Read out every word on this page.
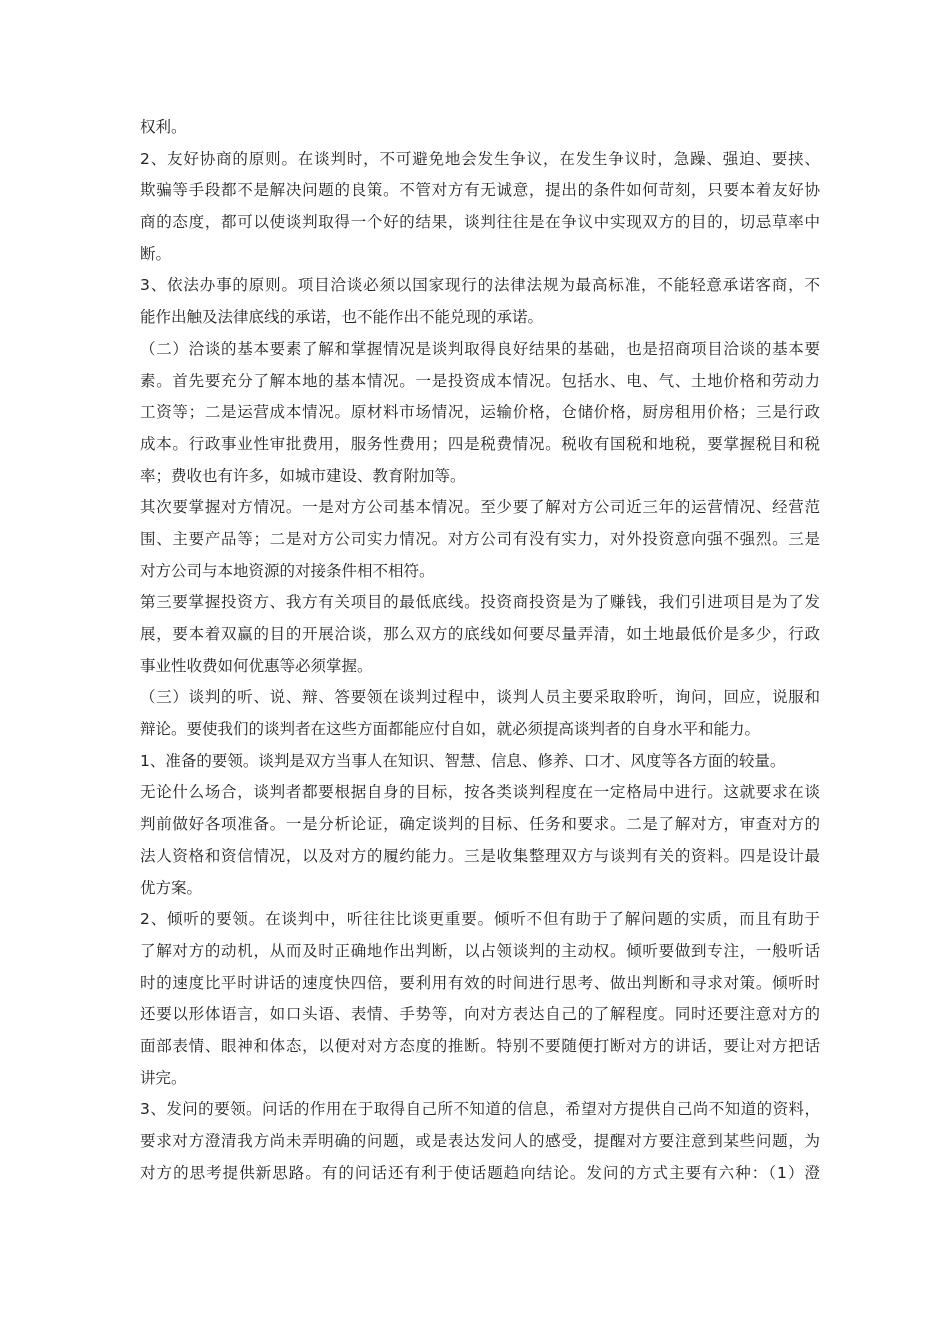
权利。
2、友好协商的原则。在谈判时，不可避免地会发生争议，在发生争议时，急躁、强迫、要挟、
欺骗等手段都不是解决问题的良策。不管对方有无诚意，提出的条件如何苛刻，只要本着友好协
商的态度，都可以使谈判取得一个好的结果，谈判往往是在争议中实现双方的目的，切忌草率中
断。
3、依法办事的原则。项目洽谈必须以国家现行的法律法规为最高标准，不能轻意承诺客商，不
能作出触及法律底线的承诺，也不能作出不能兑现的承诺。
（二）洽谈的基本要素了解和掌握情况是谈判取得良好结果的基础，也是招商项目洽谈的基本要
素。首先要充分了解本地的基本情况。一是投资成本情况。包括水、电、气、土地价格和劳动力
工资等；二是运营成本情况。原材料市场情况，运输价格，仓储价格，厨房租用价格；三是行政
成本。行政事业性审批费用，服务性费用；四是税费情况。税收有国税和地税，要掌握税目和税
率；费收也有许多，如城市建设、教育附加等。
其次要掌握对方情况。一是对方公司基本情况。至少要了解对方公司近三年的运营情况、经营范
围、主要产品等；二是对方公司实力情况。对方公司有没有实力，对外投资意向强不强烈。三是
对方公司与本地资源的对接条件相不相符。
第三要掌握投资方、我方有关项目的最低底线。投资商投资是为了赚钱，我们引进项目是为了发
展，要本着双赢的目的开展洽谈，那么双方的底线如何要尽量弄清，如土地最低价是多少，行政
事业性收费如何优惠等必须掌握。
（三）谈判的听、说、辩、答要领在谈判过程中，谈判人员主要采取聆听，询问，回应，说服和
辩论。要使我们的谈判者在这些方面都能应付自如，就必须提高谈判者的自身水平和能力。
1、准备的要领。谈判是双方当事人在知识、智慧、信息、修养、口才、风度等各方面的较量。
无论什么场合，谈判者都要根据自身的目标，按各类谈判程度在一定格局中进行。这就要求在谈
判前做好各项准备。一是分析论证，确定谈判的目标、任务和要求。二是了解对方，审查对方的
法人资格和资信情况，以及对方的履约能力。三是收集整理双方与谈判有关的资料。四是设计最
优方案。
2、倾听的要领。在谈判中，听往往比谈更重要。倾听不但有助于了解问题的实质，而且有助于
了解对方的动机，从而及时正确地作出判断，以占领谈判的主动权。倾听要做到专注，一般听话
时的速度比平时讲话的速度快四倍，要利用有效的时间进行思考、做出判断和寻求对策。倾听时
还要以形体语言，如口头语、表情、手势等，向对方表达自己的了解程度。同时还要注意对方的
面部表情、眼神和体态，以便对对方态度的推断。特别不要随便打断对方的讲话，要让对方把话
讲完。
3、发问的要领。问话的作用在于取得自己所不知道的信息，希望对方提供自己尚不知道的资料，
要求对方澄清我方尚未弄明确的问题，或是表达发问人的感受，提醒对方要注意到某些问题，为
对方的思考提供新思路。有的问话还有利于使话题趋向结论。发问的方式主要有六种：（1）澄
